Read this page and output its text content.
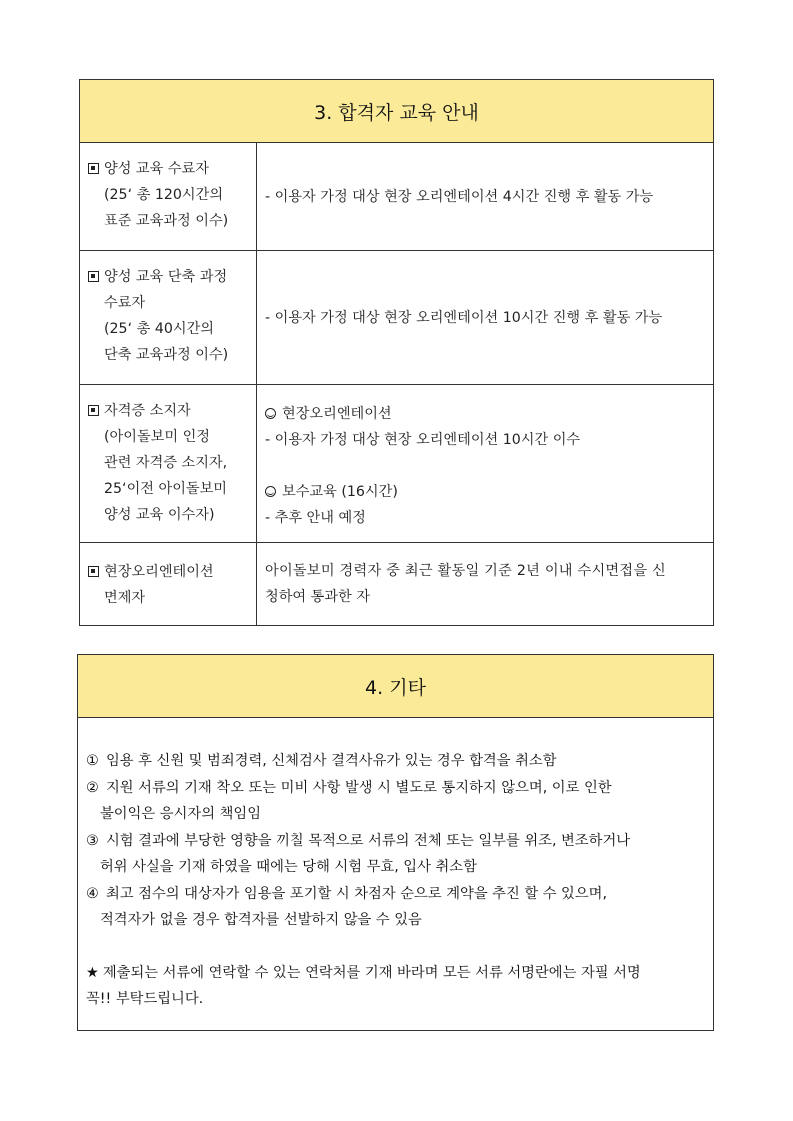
3. 합격자 교육 안내
양성 교육 수료자
(25‘ 총 120시간의
표준 교육과정 이수)
- 이용자 가정 대상 현장 오리엔테이션 4시간 진행 후 활동 가능
양성 교육 단축 과정
수료자
(25‘ 총 40시간의
단축 교육과정 이수)
- 이용자 가정 대상 현장 오리엔테이션 10시간 진행 후 활동 가능
자격증 소지자
(아이돌보미 인정
관련 자격증 소지자,
25‘이전 아이돌보미
양성 교육 이수자)
현장오리엔테이션
- 이용자 가정 대상 현장 오리엔테이션 10시간 이수
보수교육 (16시간)
- 추후 안내 예정
현장오리엔테이션
면제자
아이돌보미 경력자 중 최근 활동일 기준 2년 이내 수시면접을 신
청하여 통과한 자
4. 기타
① 임용 후 신원 및 범죄경력, 신체검사 결격사유가 있는 경우 합격을 취소함
② 지원 서류의 기재 착오 또는 미비 사항 발생 시 별도로 통지하지 않으며, 이로 인한
불이익은 응시자의 책임임
③ 시험 결과에 부당한 영향을 끼칠 목적으로 서류의 전체 또는 일부를 위조, 변조하거나
허위 사실을 기재 하였을 때에는 당해 시험 무효, 입사 취소함
④ 최고 점수의 대상자가 임용을 포기할 시 차점자 순으로 계약을 추진 할 수 있으며,
적격자가 없을 경우 합격자를 선발하지 않을 수 있음
★ 제출되는 서류에 연락할 수 있는 연락처를 기재 바라며 모든 서류 서명란에는 자필 서명
꼭!! 부탁드립니다.
